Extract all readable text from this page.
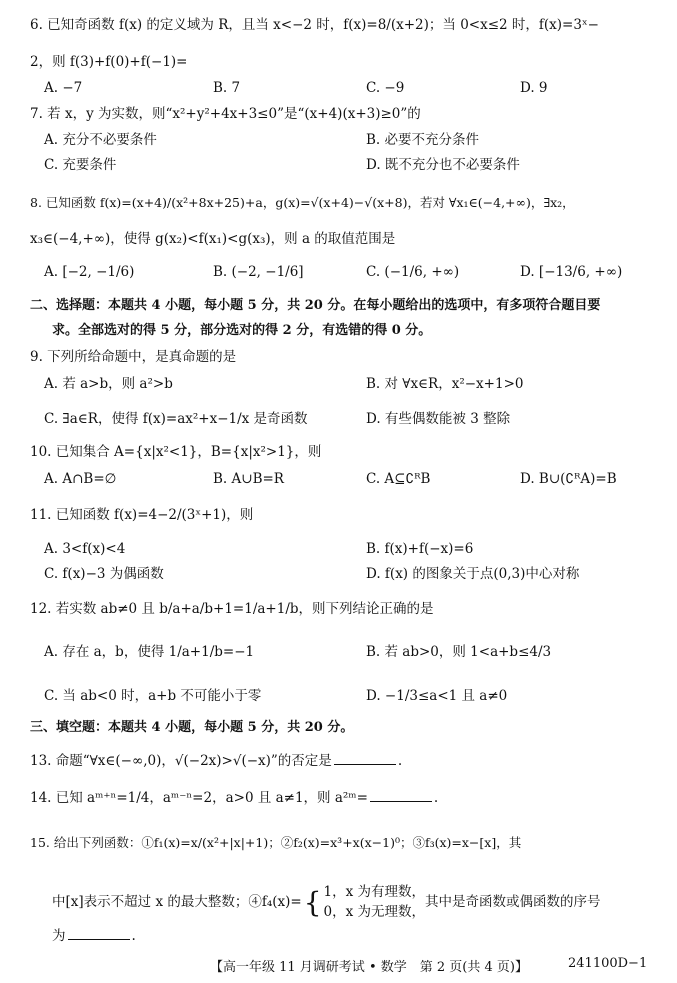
6. 已知奇函数 f(x) 的定义域为 R，且当 x<−2 时，f(x)=8/(x+2)；当 0<x≤2 时，f(x)=3ˣ−
2，则 f(3)+f(0)+f(−1)=
A. −7	B. 7	C. −9	D. 9
7. 若 x，y 为实数，则“x²+y²+4x+3≤0”是“(x+4)(x+3)≥0”的
A. 充分不必要条件	B. 必要不充分条件
C. 充要条件	D. 既不充分也不必要条件
8. 已知函数 f(x)=(x+4)/(x²+8x+25)+a，g(x)=√(x+4)−√(x+8)，若对 ∀x₁∈(−4,+∞)，∃x₂，
x₃∈(−4,+∞)，使得 g(x₂)<f(x₁)<g(x₃)，则 a 的取值范围是
A. [−2, −1/6)	B. (−2, −1/6]	C. (−1/6, +∞)	D. [−13/6, +∞)
二、选择题：本题共 4 小题，每小题 5 分，共 20 分。在每小题给出的选项中，有多项符合题目要
求。全部选对的得 5 分，部分选对的得 2 分，有选错的得 0 分。
9. 下列所给命题中，是真命题的是
A. 若 a>b，则 a²>b	B. 对 ∀x∈R，x²−x+1>0
C. ∃a∈R，使得 f(x)=ax²+x−1/x 是奇函数	D. 有些偶数能被 3 整除
10. 已知集合 A={x|x²<1}，B={x|x²>1}，则
A. A∩B=∅	B. A∪B=R	C. A⊆∁ᴿB	D. B∪(∁ᴿA)=B
11. 已知函数 f(x)=4−2/(3ˣ+1)，则
A. 3<f(x)<4	B. f(x)+f(−x)=6
C. f(x)−3 为偶函数	D. f(x) 的图象关于点(0,3)中心对称
12. 若实数 ab≠0 且 b/a+a/b+1=1/a+1/b，则下列结论正确的是
A. 存在 a，b，使得 1/a+1/b=−1	B. 若 ab>0，则 1<a+b≤4/3
C. 当 ab<0 时，a+b 不可能小于零	D. −1/3≤a<1 且 a≠0
三、填空题：本题共 4 小题，每小题 5 分，共 20 分。
13. 命题“∀x∈(−∞,0)，√(−2x)>√(−x)”的否定是	.
14. 已知 aᵐ⁺ⁿ=1/4，aᵐ⁻ⁿ=2，a>0 且 a≠1，则 a²ᵐ=	.
15. 给出下列函数：①f₁(x)=x/(x²+|x|+1)；②f₂(x)=x³+x(x−1)⁰；③f₃(x)=x−[x]，其
中[x]表示不超过 x 的最大整数；④f₄(x)={ 1，x 为有理数，
0，x 为无理数，其中是奇函数或偶函数的序号
为	.
【高一年级 11 月调研考试 • 数学　第 2 页(共 4 页)】	241100D−1
